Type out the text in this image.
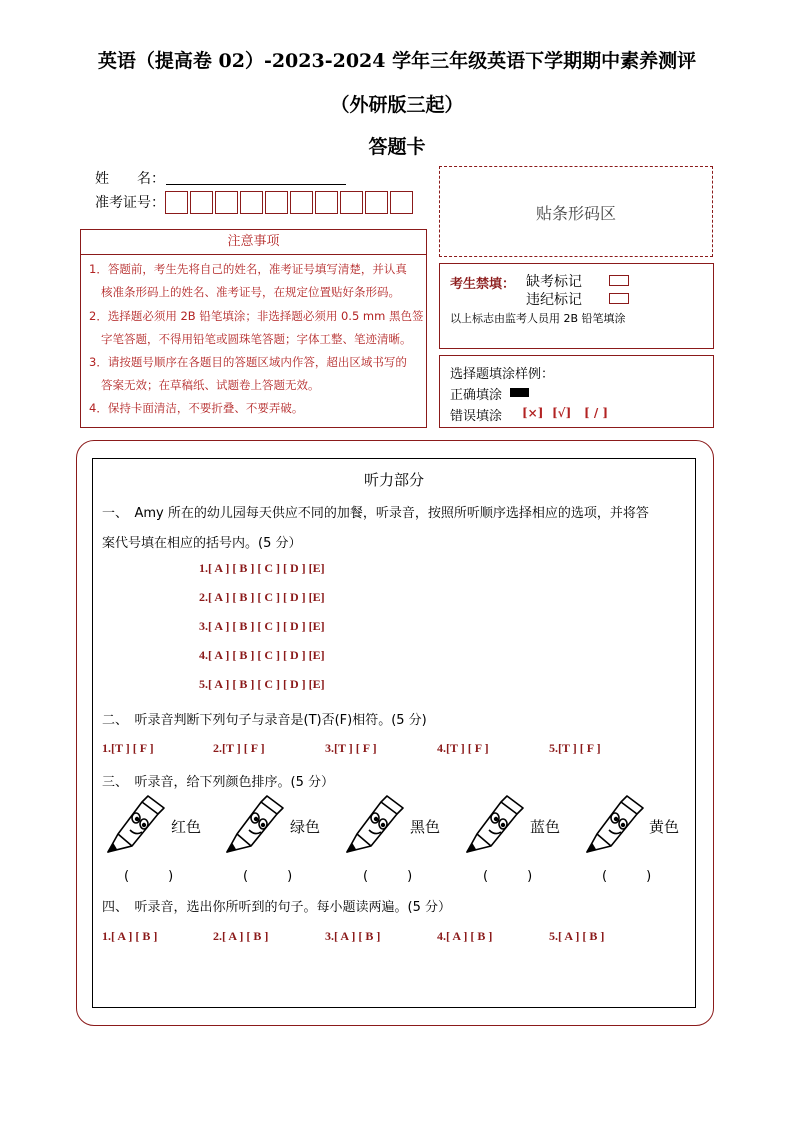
英语（提高卷 02）-2023-2024 学年三年级英语下学期期中素养测评
（外研版三起）
答题卡
姓　　名：
准考证号：
贴条形码区
注意事项
1．答题前，考生先将自己的姓名，准考证号填写清楚，并认真
核准条形码上的姓名、准考证号，在规定位置贴好条形码。
2．选择题必须用 2B 铅笔填涂；非选择题必须用 0.5 mm 黑色签
字笔答题，不得用铅笔或圆珠笔答题；字体工整、笔迹清晰。
3．请按题号顺序在各题目的答题区域内作答，超出区域书写的
答案无效；在草稿纸、试题卷上答题无效。
4．保持卡面清洁，不要折叠、不要弄破。
考生禁填： 缺考标记
违纪标记
以上标志由监考人员用 2B 铅笔填涂
选择题填涂样例：
正确填涂
错误填涂 [×] [√] [ / ]
听力部分
一、　Amy 所在的幼儿园每天供应不同的加餐，听录音，按照所听顺序选择相应的选项，并将答
案代号填在相应的括号内。(5 分）
1.[ A ] [ B ] [ C ] [ D ] [E]
2.[ A ] [ B ] [ C ] [ D ] [E]
3.[ A ] [ B ] [ C ] [ D ] [E]
4.[ A ] [ B ] [ C ] [ D ] [E]
5.[ A ] [ B ] [ C ] [ D ] [E]
二、　听录音判断下列句子与录音是(T)否(F)相符。(5 分)
1.[T ] [ F ]	2.[T ] [ F ]	3.[T ] [ F ]	4.[T ] [ F ]	5.[T ] [ F ]
三、　听录音，给下列颜色排序。(5 分）
红色	绿色	黑色	蓝色	黄色
(　　　)	(　　　)	(　　　)	(　　　)	(　　　)
四、　听录音，选出你所听到的句子。每小题读两遍。(5 分）
1.[ A ] [ B ]	2.[ A ] [ B ]	3.[ A ] [ B ]	4.[ A ] [ B ]	5.[ A ] [ B ]
